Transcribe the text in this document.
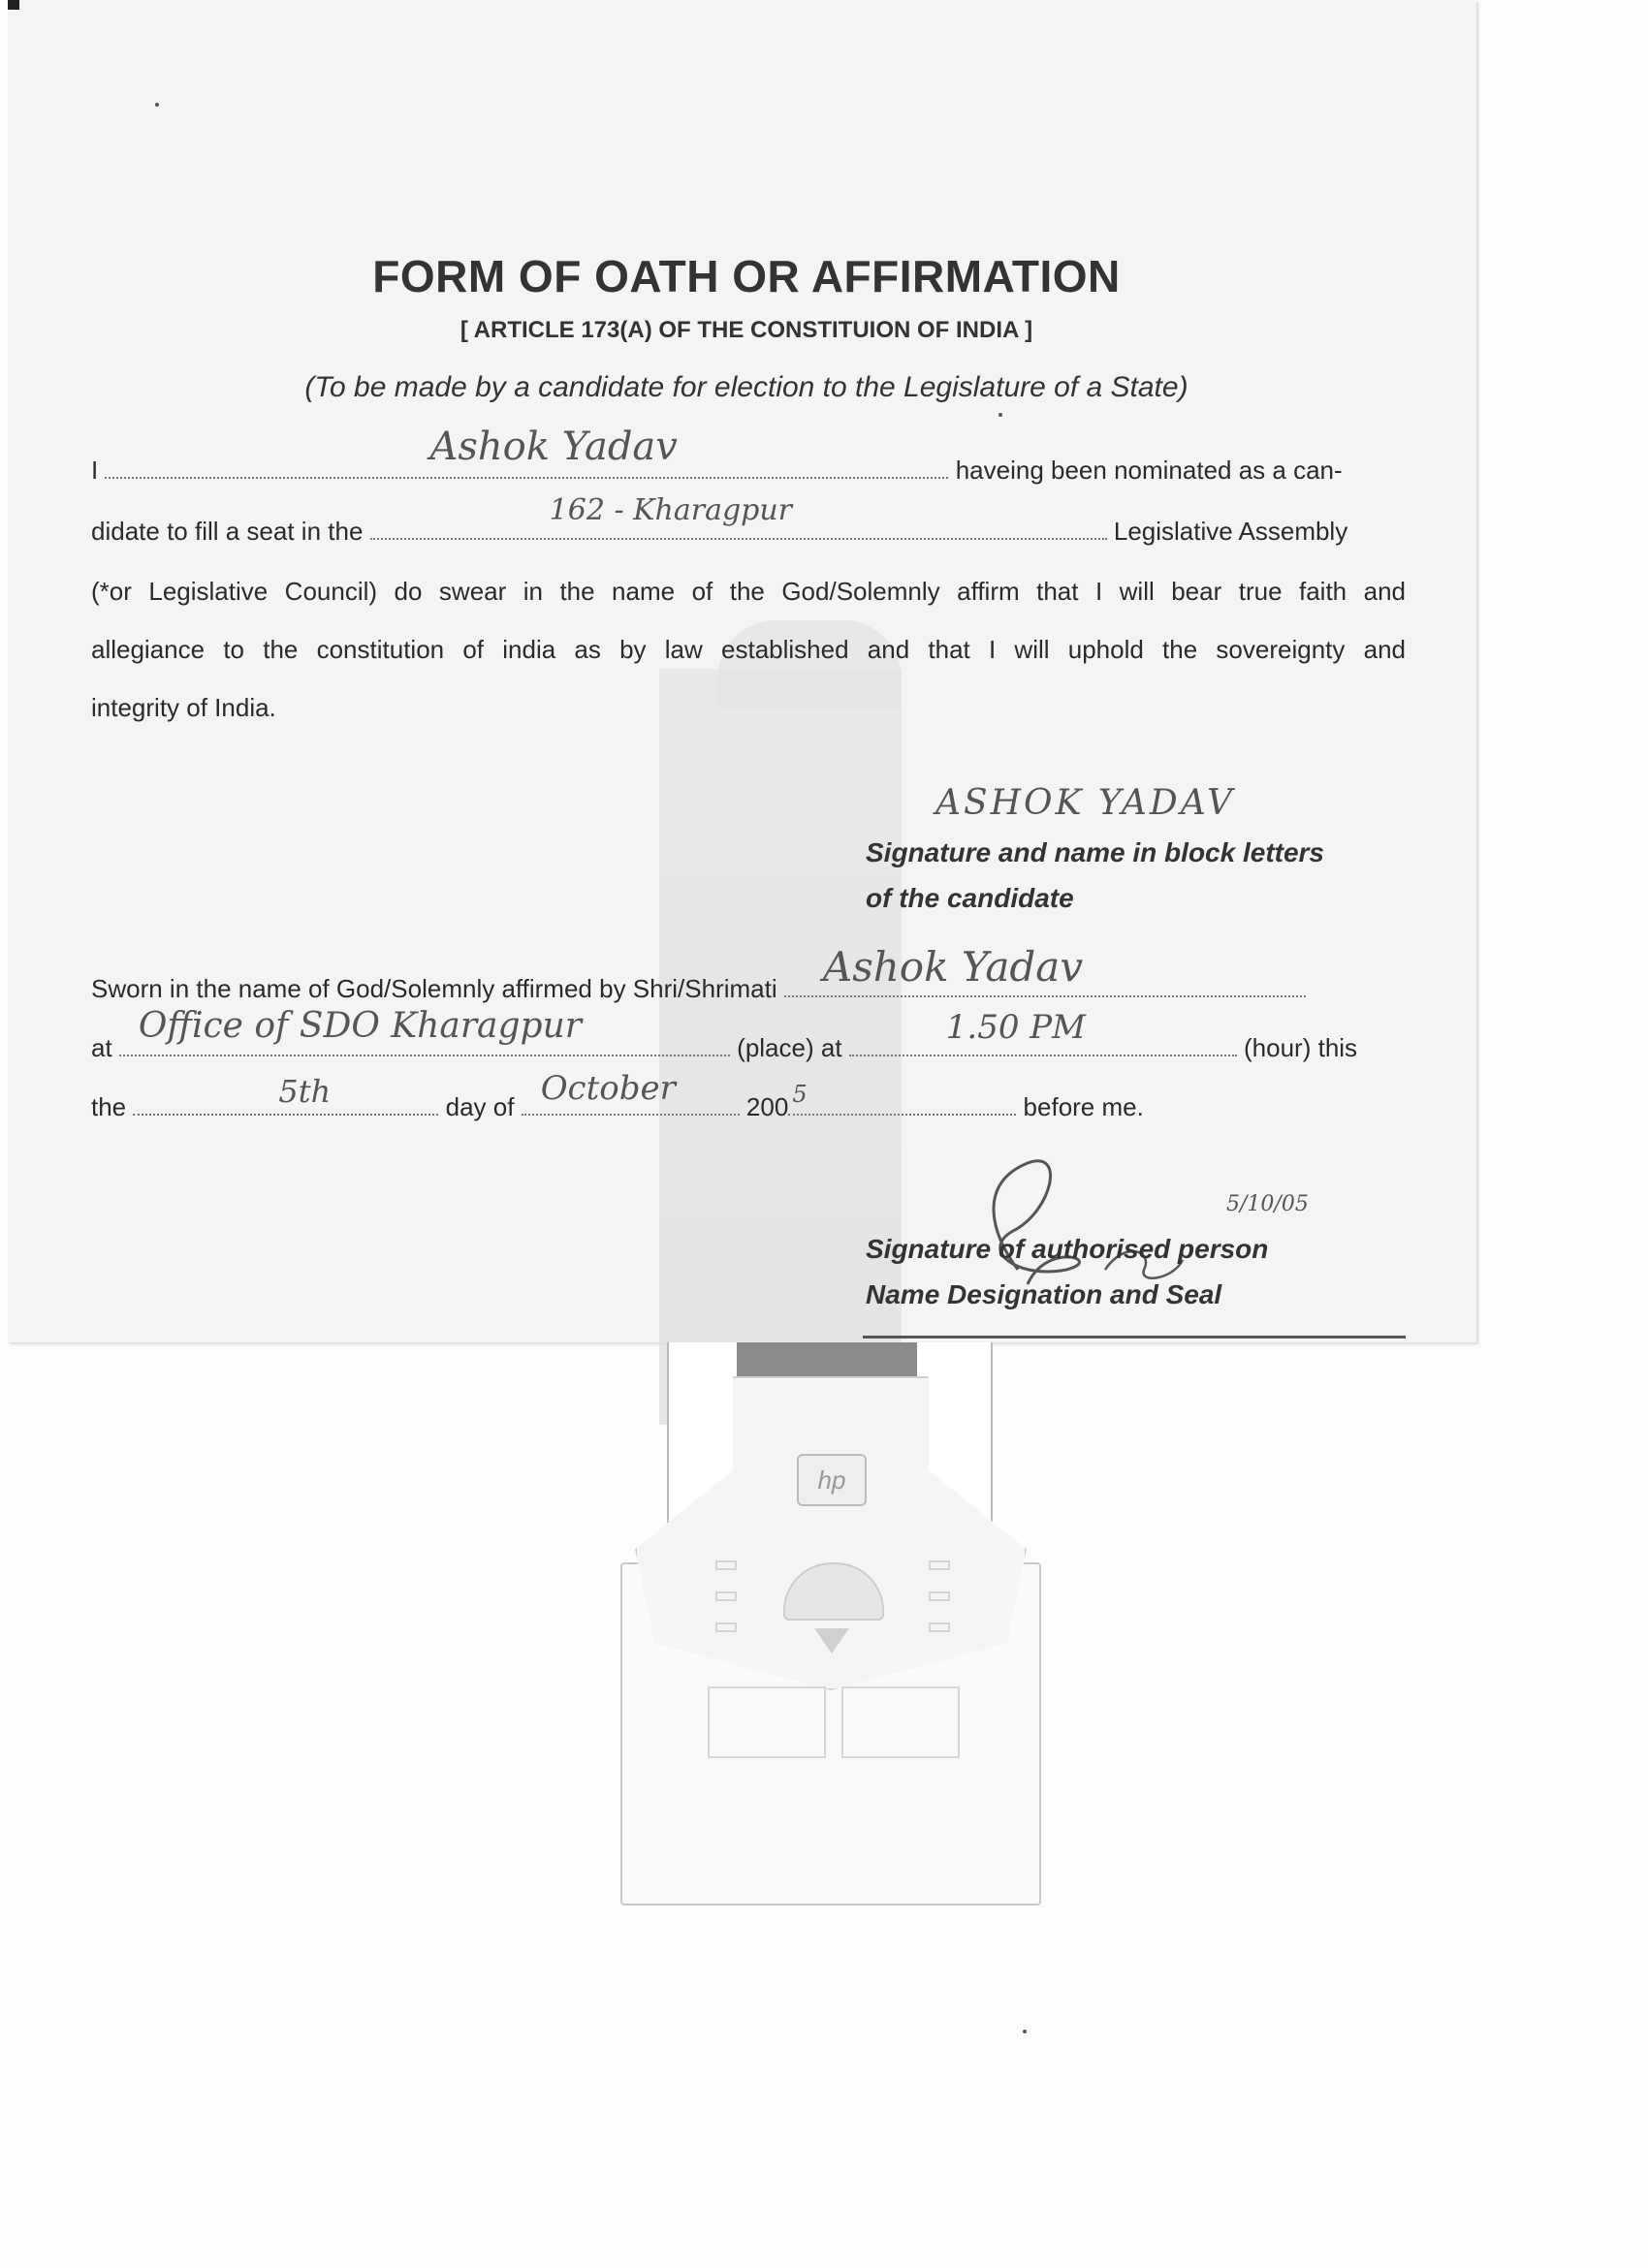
FORM OF OATH OR AFFIRMATION
[ ARTICLE 173(A) OF THE CONSTITUION OF INDIA ]
(To be made by a candidate for election to the Legislature of a State)
I
Ashok Yadav
haveing been nominated as a can-
didate to fill a seat in the
162 - Kharagpur
Legislative Assembly
(*or Legislative Council) do swear in the name of the God/Solemnly affirm that I will bear true faith and
allegiance to the constitution of india as by law established and that I will uphold the sovereignty and
integrity of India.
ASHOK YADAV
Signature and name in block letters
of the candidate
Sworn in the name of God/Solemnly affirmed by Shri/Shrimati Ashok Yadav
at
Office of SDO Kharagpur
(place) at
1.50 PM
(hour) this
the	5th	day of October	200 5	before me.
5/10/05
Signature of authorised person
Name Designation and Seal
hp
